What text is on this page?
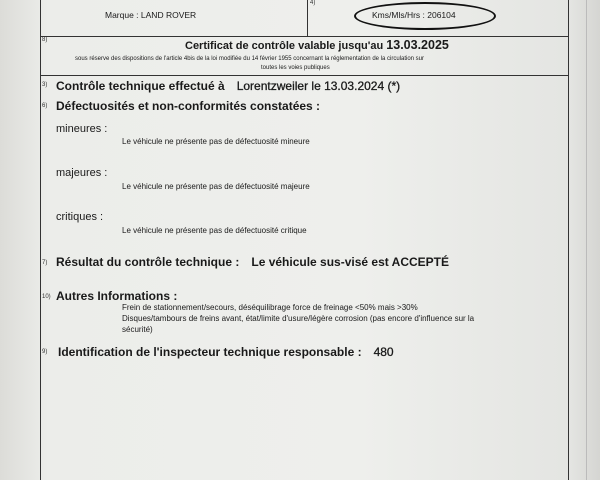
Marque : LAND ROVER
4)
Kms/Mls/Hrs : 206104
8)	Certificat de contrôle valable jusqu'au 13.03.2025
sous réserve des dispositions de l'article 4bis de la loi modifiée du 14 février 1955 concernant la réglementation de la circulation sur
toutes les voies publiques
3) Contrôle technique effectué à Lorentzweiler le 13.03.2024 (*)
6) Défectuosités et non-conformités constatées :
mineures :
Le véhicule ne présente pas de défectuosité mineure
majeures :
Le véhicule ne présente pas de défectuosité majeure
critiques :
Le véhicule ne présente pas de défectuosité critique
7) Résultat du contrôle technique : Le véhicule sus-visé est ACCEPTÉ
10) Autres Informations :
Frein de stationnement/secours, déséquilibrage force de freinage <50% mais >30%
Disques/tambours de freins avant, état/limite d'usure/légère corrosion (pas encore d'influence sur la
sécurité)
9) Identification de l'inspecteur technique responsable : 480
